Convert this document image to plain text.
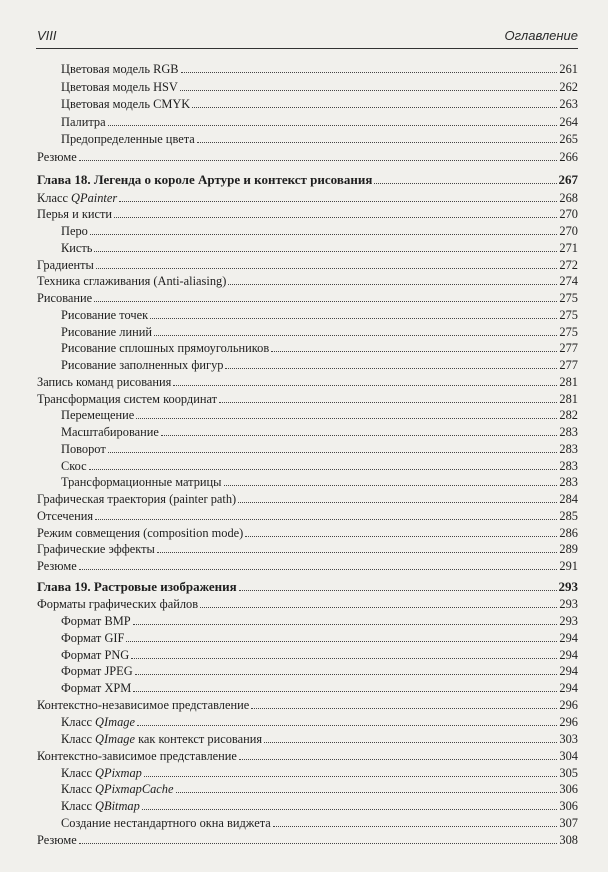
VIII	Оглавление
Цветовая модель RGB	261
Цветовая модель HSV	262
Цветовая модель CMYK	263
Палитра	264
Предопределенные цвета	265
Резюме	266
Глава 18. Легенда о короле Артуре и контекст рисования	267
Класс QPainter	268
Перья и кисти	270
Перо	270
Кисть	271
Градиенты	272
Техника сглаживания (Anti-aliasing)	274
Рисование	275
Рисование точек	275
Рисование линий	275
Рисование сплошных прямоугольников	277
Рисование заполненных фигур	277
Запись команд рисования	281
Трансформация систем координат	281
Перемещение	282
Масштабирование	283
Поворот	283
Скос	283
Трансформационные матрицы	283
Графическая траектория (painter path)	284
Отсечения	285
Режим совмещения (composition mode)	286
Графические эффекты	289
Резюме	291
Глава 19. Растровые изображения	293
Форматы графических файлов	293
Формат BMP	293
Формат GIF	294
Формат PNG	294
Формат JPEG	294
Формат XPM	294
Контекстно-независимое представление	296
Класс QImage	296
Класс QImage как контекст рисования	303
Контекстно-зависимое представление	304
Класс QPixmap	305
Класс QPixmapCache	306
Класс QBitmap	306
Создание нестандартного окна виджета	307
Резюме	308
